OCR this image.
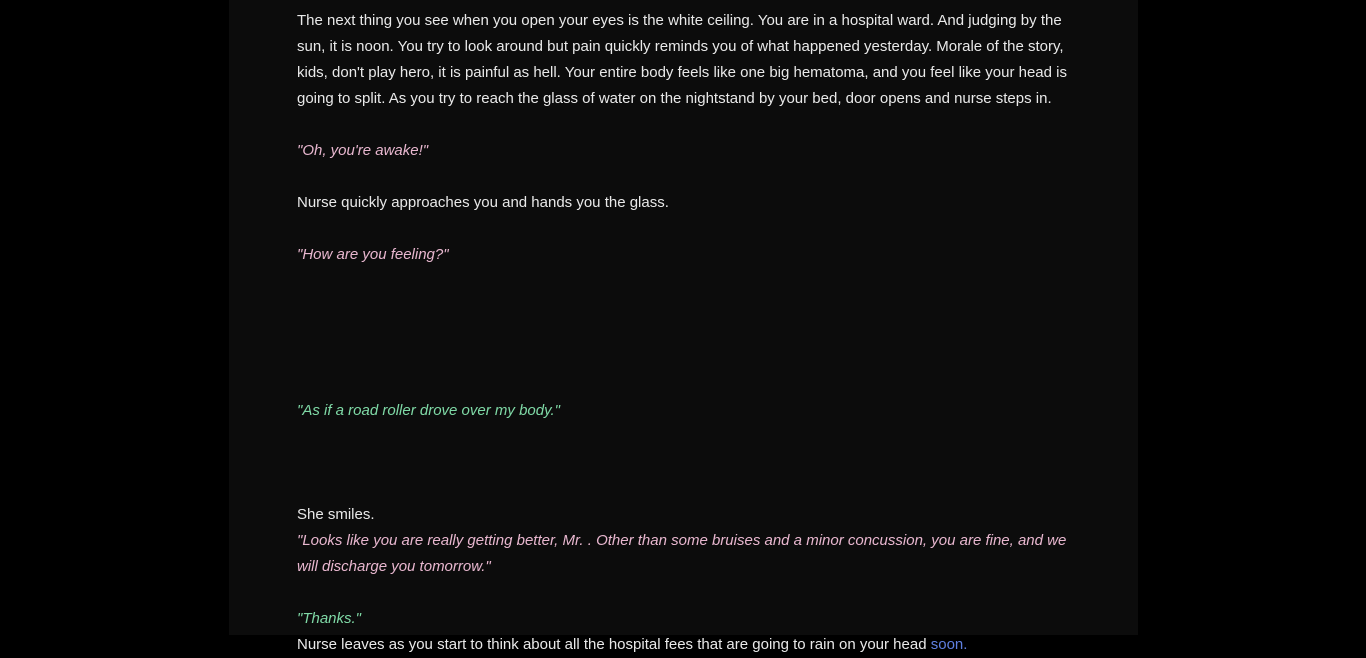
The next thing you see when you open your eyes is the white ceiling. You are in a hospital ward. And judging by the sun, it is noon. You try to look around but pain quickly reminds you of what happened yesterday. Morale of the story, kids, don't play hero, it is painful as hell. Your entire body feels like one big hematoma, and you feel like your head is going to split. As you try to reach the glass of water on the nightstand by your bed, door opens and nurse steps in.

"Oh, you're awake!"

Nurse quickly approaches you and hands you the glass.

"How are you feeling?"

"As if a road roller drove over my body."

She smiles.

"Looks like you are really getting better, Mr. . Other than some bruises and a minor concussion, you are fine, and we will discharge you tomorrow."

"Thanks."

Nurse leaves as you start to think about all the hospital fees that are going to rain on your head soon.
